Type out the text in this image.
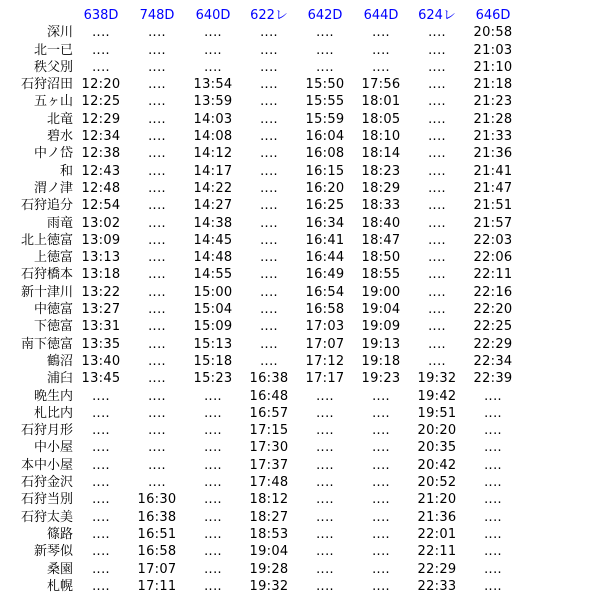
	638D	748D	640D	622レ	642D	644D	624レ	646D
深川	‥‥	‥‥	‥‥	‥‥	‥‥	‥‥	‥‥	20:58
北一已	‥‥	‥‥	‥‥	‥‥	‥‥	‥‥	‥‥	21:03
秩父別	‥‥	‥‥	‥‥	‥‥	‥‥	‥‥	‥‥	21:10
石狩沼田	12:20	‥‥	13:54	‥‥	15:50	17:56	‥‥	21:18
五ヶ山	12:25	‥‥	13:59	‥‥	15:55	18:01	‥‥	21:23
北竜	12:29	‥‥	14:03	‥‥	15:59	18:05	‥‥	21:28
碧水	12:34	‥‥	14:08	‥‥	16:04	18:10	‥‥	21:33
中ノ岱	12:38	‥‥	14:12	‥‥	16:08	18:14	‥‥	21:36
和	12:43	‥‥	14:17	‥‥	16:15	18:23	‥‥	21:41
渭ノ津	12:48	‥‥	14:22	‥‥	16:20	18:29	‥‥	21:47
石狩追分	12:54	‥‥	14:27	‥‥	16:25	18:33	‥‥	21:51
雨竜	13:02	‥‥	14:38	‥‥	16:34	18:40	‥‥	21:57
北上徳富	13:09	‥‥	14:45	‥‥	16:41	18:47	‥‥	22:03
上徳富	13:13	‥‥	14:48	‥‥	16:44	18:50	‥‥	22:06
石狩橋本	13:18	‥‥	14:55	‥‥	16:49	18:55	‥‥	22:11
新十津川	13:22	‥‥	15:00	‥‥	16:54	19:00	‥‥	22:16
中徳富	13:27	‥‥	15:04	‥‥	16:58	19:04	‥‥	22:20
下徳富	13:31	‥‥	15:09	‥‥	17:03	19:09	‥‥	22:25
南下徳富	13:35	‥‥	15:13	‥‥	17:07	19:13	‥‥	22:29
鶴沼	13:40	‥‥	15:18	‥‥	17:12	19:18	‥‥	22:34
浦臼	13:45	‥‥	15:23	16:38	17:17	19:23	19:32	22:39
晩生内	‥‥	‥‥	‥‥	16:48	‥‥	‥‥	19:42	‥‥
札比内	‥‥	‥‥	‥‥	16:57	‥‥	‥‥	19:51	‥‥
石狩月形	‥‥	‥‥	‥‥	17:15	‥‥	‥‥	20:20	‥‥
中小屋	‥‥	‥‥	‥‥	17:30	‥‥	‥‥	20:35	‥‥
本中小屋	‥‥	‥‥	‥‥	17:37	‥‥	‥‥	20:42	‥‥
石狩金沢	‥‥	‥‥	‥‥	17:48	‥‥	‥‥	20:52	‥‥
石狩当別	‥‥	16:30	‥‥	18:12	‥‥	‥‥	21:20	‥‥
石狩太美	‥‥	16:38	‥‥	18:27	‥‥	‥‥	21:36	‥‥
篠路	‥‥	16:51	‥‥	18:53	‥‥	‥‥	22:01	‥‥
新琴似	‥‥	16:58	‥‥	19:04	‥‥	‥‥	22:11	‥‥
桑園	‥‥	17:07	‥‥	19:28	‥‥	‥‥	22:29	‥‥
札幌	‥‥	17:11	‥‥	19:32	‥‥	‥‥	22:33	‥‥
